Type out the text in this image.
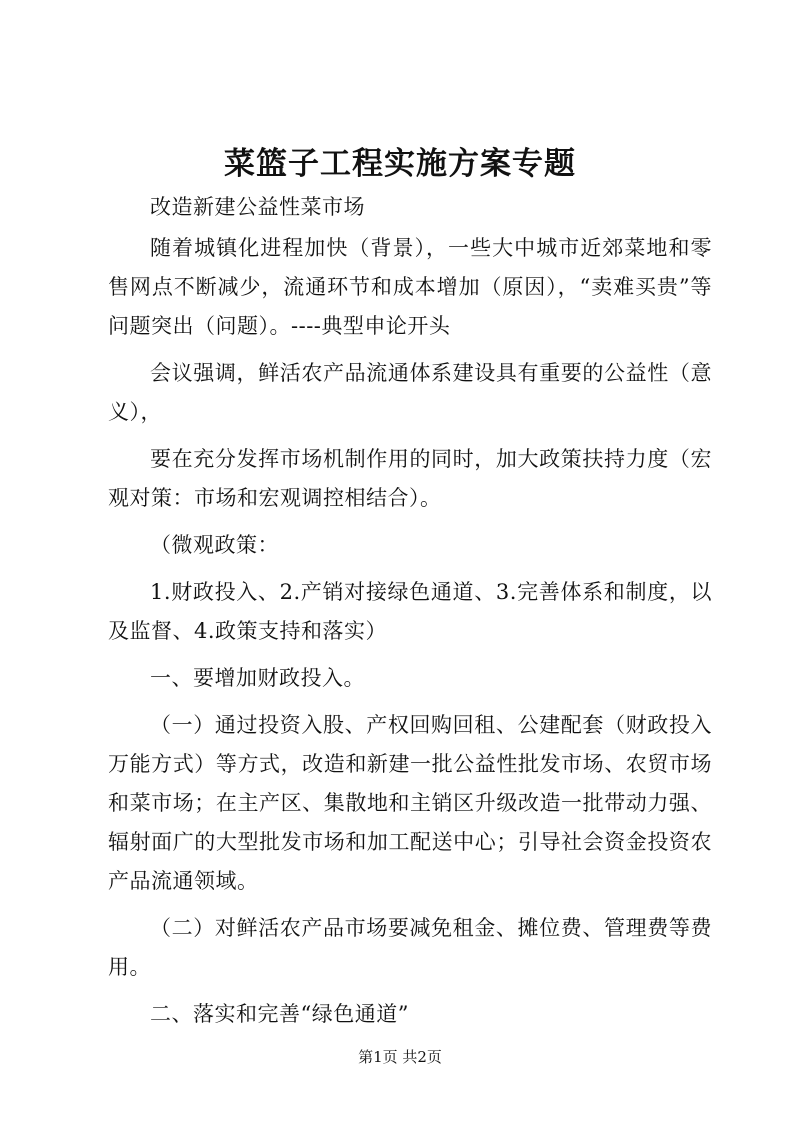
菜篮子工程实施方案专题

改造新建公益性菜市场

随着城镇化进程加快（背景），一些大中城市近郊菜地和零售网点不断减少，流通环节和成本增加（原因），“卖难买贵”等问题突出（问题）。----典型申论开头

会议强调，鲜活农产品流通体系建设具有重要的公益性（意义），

要在充分发挥市场机制作用的同时，加大政策扶持力度（宏观对策：市场和宏观调控相结合）。

（微观政策：

1.财政投入、2.产销对接绿色通道、3.完善体系和制度，以及监督、4.政策支持和落实）

一、要增加财政投入。

（一）通过投资入股、产权回购回租、公建配套（财政投入万能方式）等方式，改造和新建一批公益性批发市场、农贸市场和菜市场；在主产区、集散地和主销区升级改造一批带动力强、辐射面广的大型批发市场和加工配送中心；引导社会资金投资农产品流通领域。

（二）对鲜活农产品市场要减免租金、摊位费、管理费等费用。

二、落实和完善“绿色通道”

第1页 共2页
